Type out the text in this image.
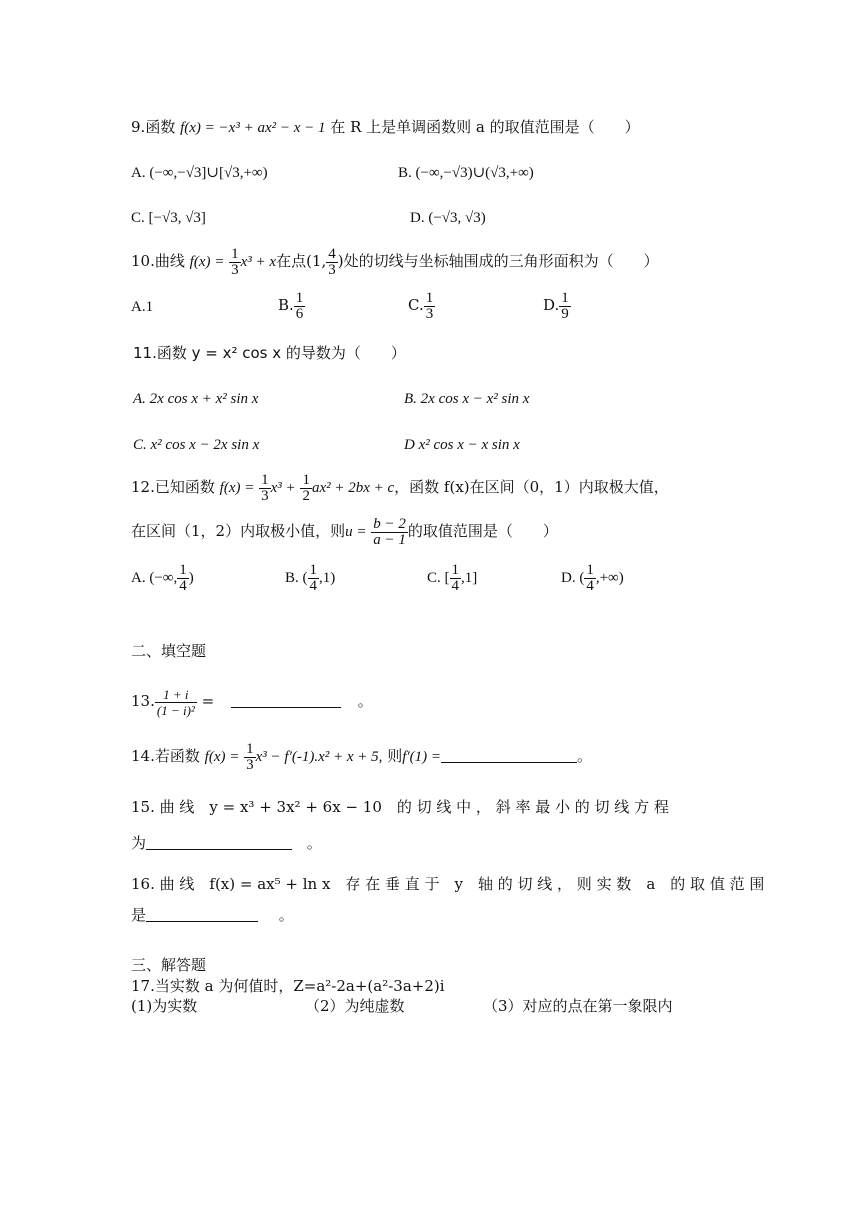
9.函数 f(x) = −x³ + ax² − x − 1 在 R 上是单调函数则 a 的取值范围是（　　）
A. (−∞,−√3]∪[√3,+∞)	B. (−∞,−√3)∪(√3,+∞)
C. [−√3, √3]	D. (−√3, √3)
10.曲线 $f(x) = \frac{1}{3} x^3 + x$在点(1, $\frac{4}{3}$ )处的切线与坐标轴围成的三角形面积为（　　）
A.1	B. $\frac{1}{6}$	C. $\frac{1}{3}$	D. $\frac{1}{9}$
11.函数 y = x² cos x 的导数为（　　）
A. 2x cos x + x² sin x	B. 2x cos x − x² sin x
C. x² cos x − 2x sin x	D x² cos x − x sin x
12.已知函数 $f(x) = \frac{1}{3} x^3 + \frac{1}{2} ax^2 + 2bx + c$，函数 f(x)在区间（0，1）内取极大值，
在区间（1，2）内取极小值，则$u = \frac{b - 2}{a - 1}$ 的取值范围是（　　）
A. (−∞, $\frac{1}{4}$ )	B. ( $\frac{1}{4} ,1$)	C. [ $\frac{1}{4} ,1$]	D. ( $\frac{1}{4}$ ,+∞)
二、填空题
13. $\frac{1 + i}{\text{(1 − i)²}}$ =	。
14.若函数 $f(x) = \frac{1}{3} x^3 - f'(-1).x^2 + x + 5$, 则f′(1) =	。
15. 曲 线　y = x³ + 3x² + 6x − 10　的 切 线 中 ， 斜 率 最 小 的 切 线 方 程
为	。
16. 曲 线　f(x) = ax⁵ + ln x　存 在 垂 直 于　y　轴 的 切 线 ， 则 实 数　a　的 取 值 范 围
是	。
三、解答题
17.当实数 a 为何值时，Z=a²-2a+(a²-3a+2)i
(1)为实数	（2）为纯虚数	（3）对应的点在第一象限内
